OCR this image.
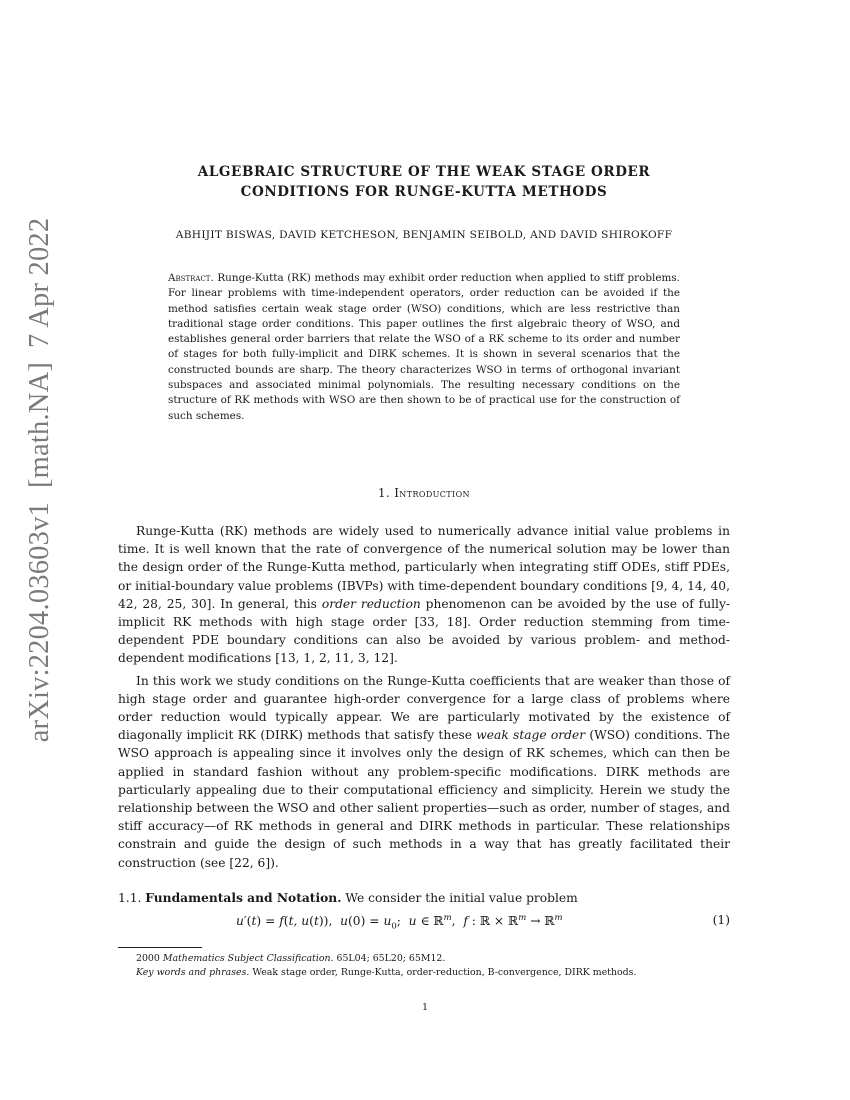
arXiv:2204.03603v1[math.NA]7 Apr 2022
ALGEBRAIC STRUCTURE OF THE WEAK STAGE ORDER
CONDITIONS FOR RUNGE-KUTTA METHODS
ABHIJIT BISWAS, DAVID KETCHESON, BENJAMIN SEIBOLD, AND DAVID SHIROKOFF
Abstract. Runge-Kutta (RK) methods may exhibit order reduction when applied to stiff problems. For linear problems with time-independent operators, order reduction can be avoided if the method satisfies certain weak stage order (WSO) conditions, which are less restrictive than traditional stage order conditions. This paper outlines the first algebraic theory of WSO, and establishes general order barriers that relate the WSO of a RK scheme to its order and number of stages for both fully-implicit and DIRK schemes. It is shown in several scenarios that the constructed bounds are sharp. The theory characterizes WSO in terms of orthogonal invariant subspaces and associated minimal polynomials. The resulting necessary conditions on the structure of RK methods with WSO are then shown to be of practical use for the construction of such schemes.
1. Introduction

Runge-Kutta (RK) methods are widely used to numerically advance initial value problems in time. It is well known that the rate of convergence of the numerical solution may be lower than the design order of the Runge-Kutta method, particularly when integrating stiff ODEs, stiff PDEs, or initial-boundary value problems (IBVPs) with time-dependent boundary conditions [9, 4, 14, 40, 42, 28, 25, 30]. In general, this order reduction phenomenon can be avoided by the use of fully-implicit RK methods with high stage order [33, 18]. Order reduction stemming from time-dependent PDE boundary conditions can also be avoided by various problem- and method-dependent modifications [13, 1, 2, 11, 3, 12].

In this work we study conditions on the Runge-Kutta coefficients that are weaker than those of high stage order and guarantee high-order convergence for a large class of problems where order reduction would typically appear. We are particularly motivated by the existence of diagonally implicit RK (DIRK) methods that satisfy these weak stage order (WSO) conditions. The WSO approach is appealing since it involves only the design of RK schemes, which can then be applied in standard fashion without any problem-specific modifications. DIRK methods are particularly appealing due to their computational efficiency and simplicity. Herein we study the relationship between the WSO and other salient properties—such as order, number of stages, and stiff accuracy—of RK methods in general and DIRK methods in particular. These relationships constrain and guide the design of such methods in a way that has greatly facilitated their construction (see [22, 6]).

1.1. Fundamentals and Notation. We consider the initial value problem
u′(t) = f(t, u(t)),  $u(0) = u_0$;  u ∈ ℝ$^m$,  f : ℝ × ℝ$^m$ → ℝ$^m$	(1)

2000 Mathematics Subject Classification. 65L04; 65L20; 65M12.

Key words and phrases. Weak stage order, Runge-Kutta, order-reduction, B-convergence, DIRK methods.

1
